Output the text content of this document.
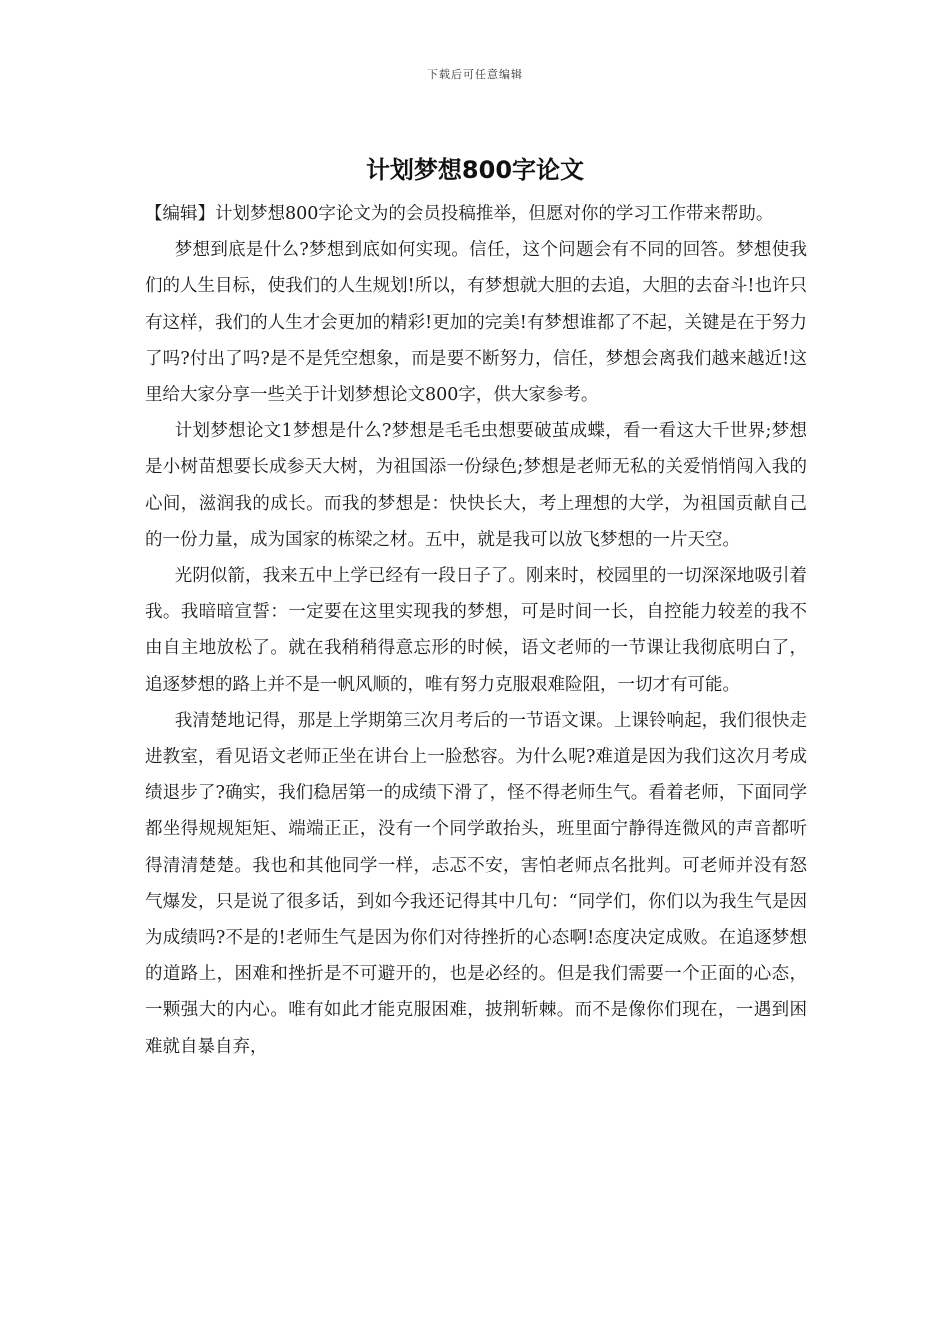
下载后可任意编辑
计划梦想800字论文

【编辑】计划梦想800字论文为的会员投稿推举，但愿对你的学习工作带来帮助。

梦想到底是什么?梦想到底如何实现。信任，这个问题会有不同的回答。梦想使我们的人生目标，使我们的人生规划!所以，有梦想就大胆的去追，大胆的去奋斗!也许只有这样，我们的人生才会更加的精彩!更加的完美!有梦想谁都了不起，关键是在于努力了吗?付出了吗?是不是凭空想象，而是要不断努力，信任，梦想会离我们越来越近!这里给大家分享一些关于计划梦想论文800字，供大家参考。

计划梦想论文1梦想是什么?梦想是毛毛虫想要破茧成蝶，看一看这大千世界;梦想是小树苗想要长成参天大树，为祖国添一份绿色;梦想是老师无私的关爱悄悄闯入我的心间，滋润我的成长。而我的梦想是：快快长大，考上理想的大学，为祖国贡献自己的一份力量，成为国家的栋梁之材。五中，就是我可以放飞梦想的一片天空。

光阴似箭，我来五中上学已经有一段日子了。刚来时，校园里的一切深深地吸引着我。我暗暗宣誓：一定要在这里实现我的梦想，可是时间一长，自控能力较差的我不由自主地放松了。就在我稍稍得意忘形的时候，语文老师的一节课让我彻底明白了，追逐梦想的路上并不是一帆风顺的，唯有努力克服艰难险阻，一切才有可能。

我清楚地记得，那是上学期第三次月考后的一节语文课。上课铃响起，我们很快走进教室，看见语文老师正坐在讲台上一脸愁容。为什么呢?难道是因为我们这次月考成绩退步了?确实，我们稳居第一的成绩下滑了，怪不得老师生气。看着老师，下面同学都坐得规规矩矩、端端正正，没有一个同学敢抬头，班里面宁静得连微风的声音都听得清清楚楚。我也和其他同学一样，忐忑不安，害怕老师点名批判。可老师并没有怒气爆发，只是说了很多话，到如今我还记得其中几句：“同学们，你们以为我生气是因为成绩吗?不是的!老师生气是因为你们对待挫折的心态啊!态度决定成败。在追逐梦想的道路上，困难和挫折是不可避开的，也是必经的。但是我们需要一个正面的心态，一颗强大的内心。唯有如此才能克服困难，披荆斩棘。而不是像你们现在，一遇到困难就自暴自弃，
